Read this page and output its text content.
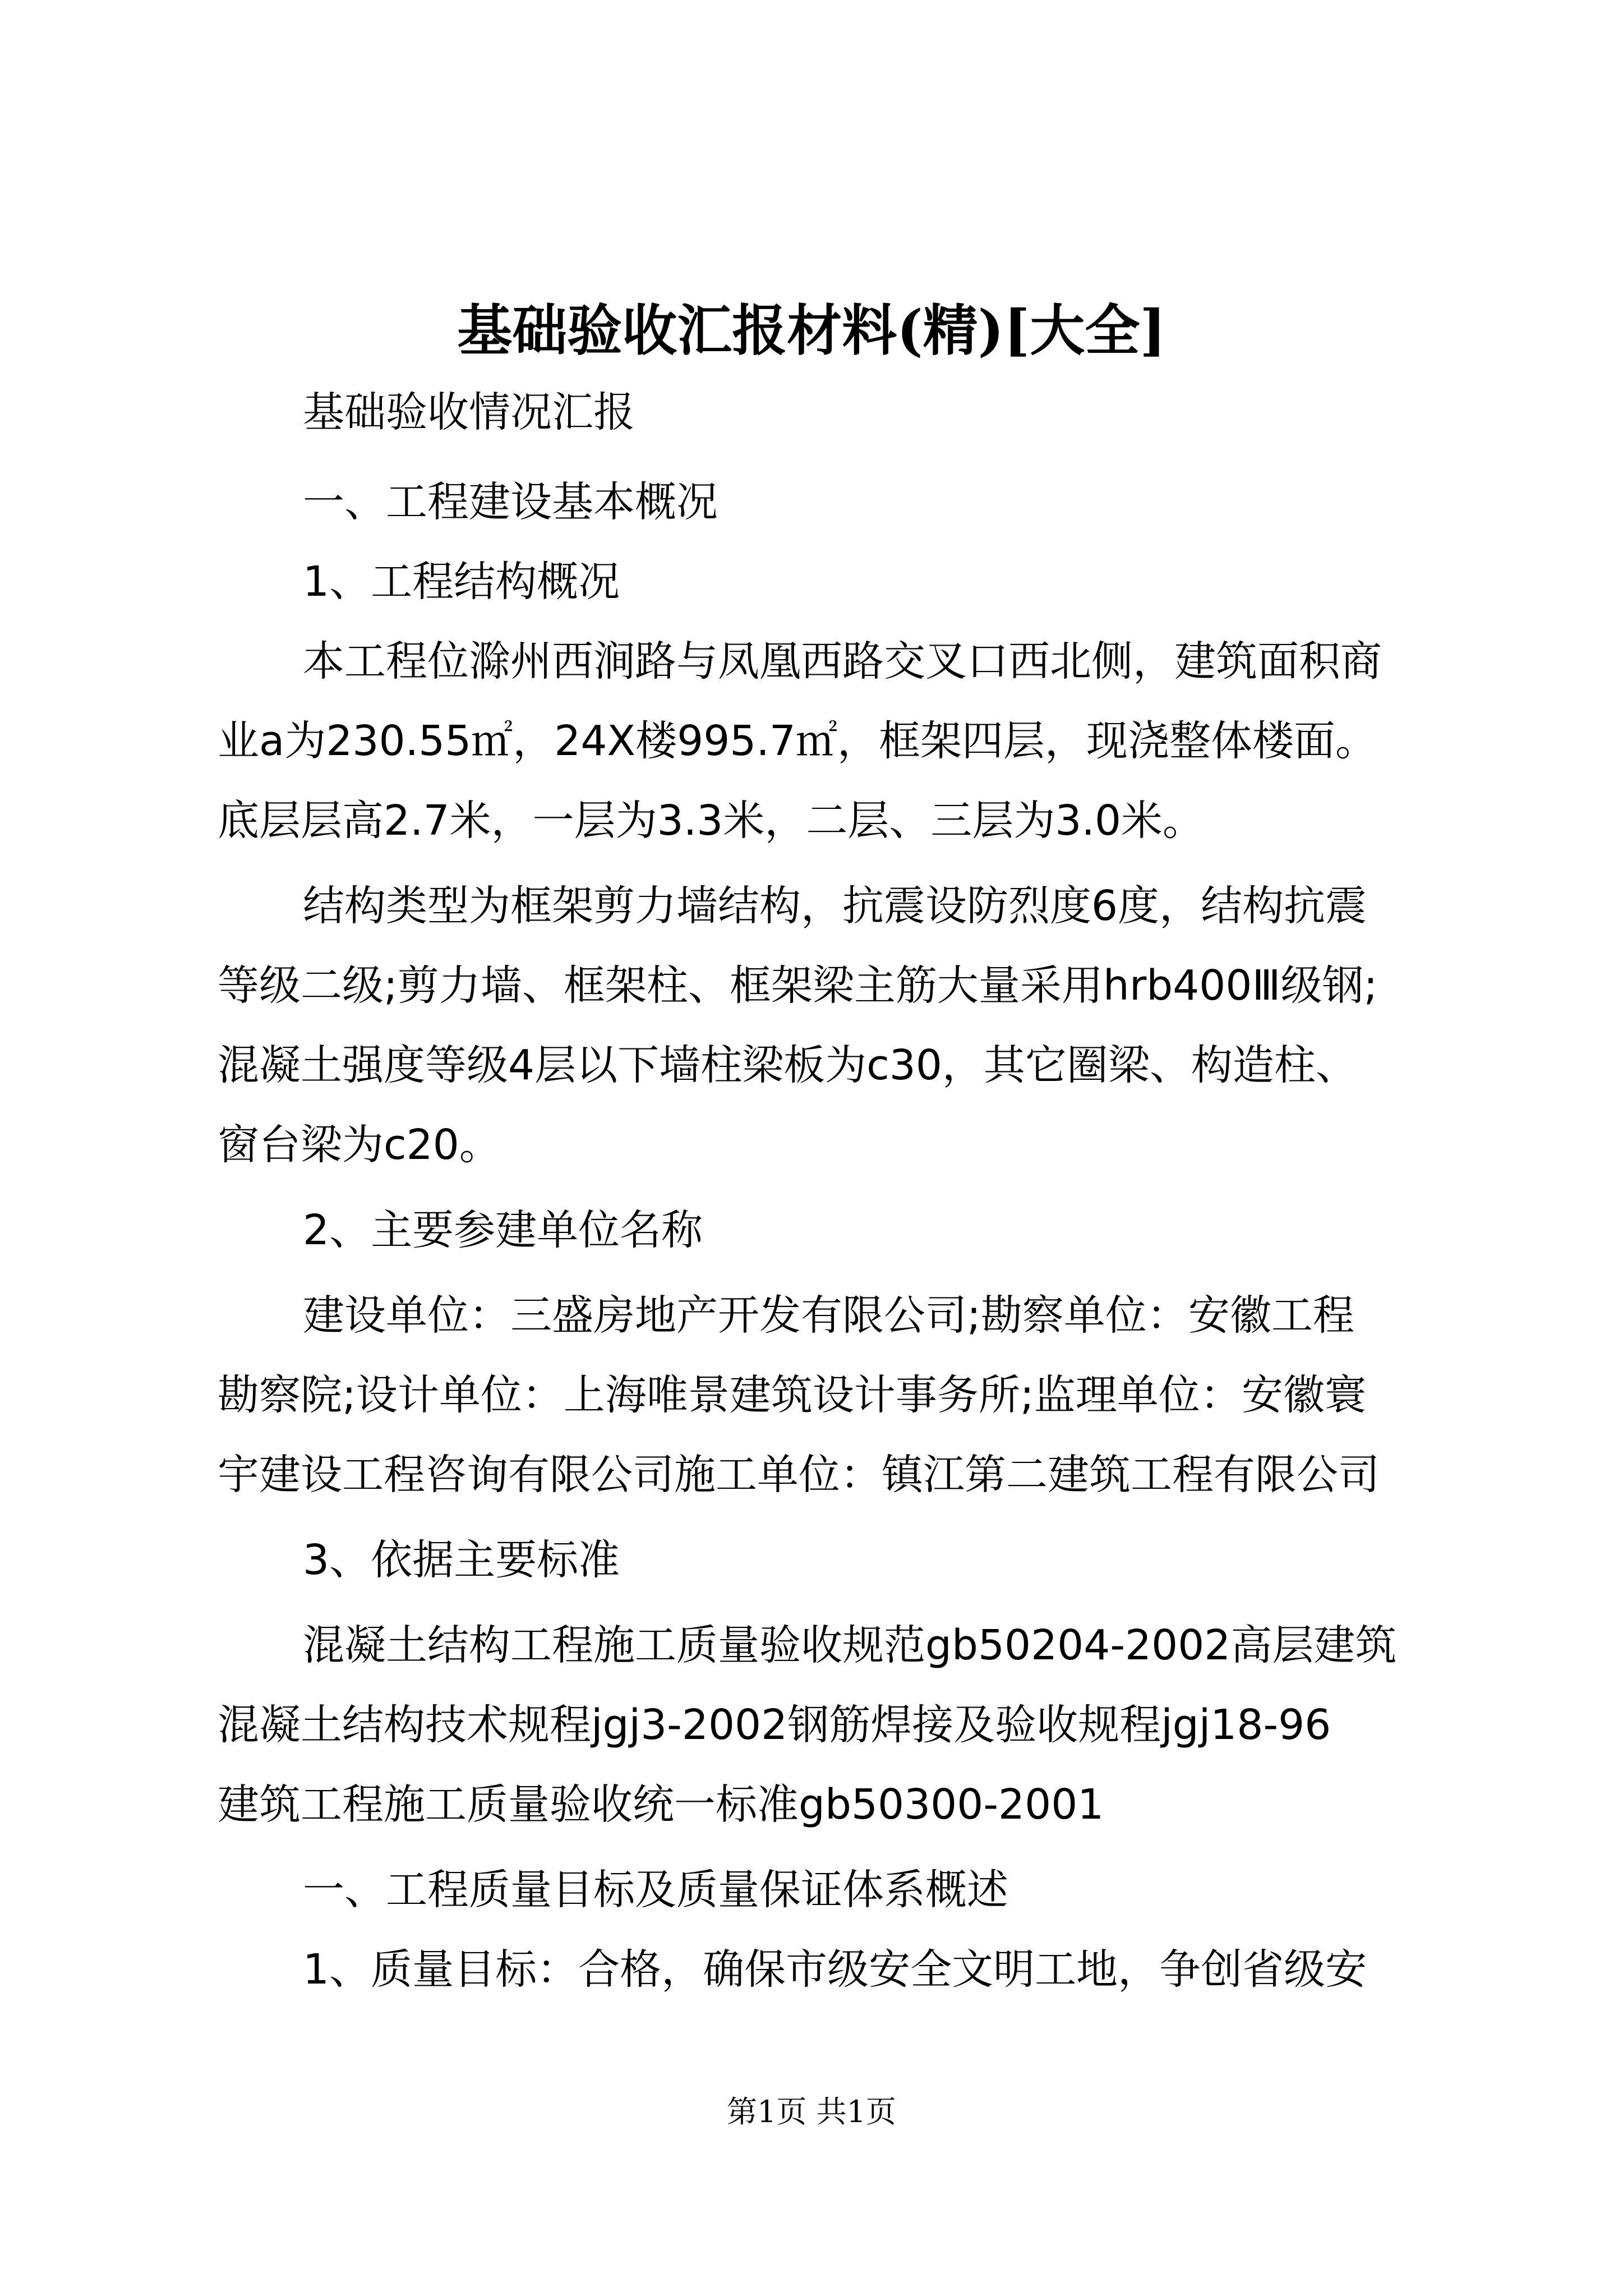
基础验收汇报材料(精)[大全]
基础验收情况汇报
一、工程建设基本概况
1、工程结构概况
本工程位滁州西涧路与凤凰西路交叉口西北侧，建筑面积商
业a为230.55㎡，24X楼995.7㎡，框架四层，现浇整体楼面。
底层层高2.7米，一层为3.3米，二层、三层为3.0米。
结构类型为框架剪力墙结构，抗震设防烈度6度，结构抗震
等级二级;剪力墙、框架柱、框架梁主筋大量采用hrb400Ⅲ级钢;
混凝土强度等级4层以下墙柱梁板为c30，其它圈梁、构造柱、
窗台梁为c20。
2、主要参建单位名称
建设单位：三盛房地产开发有限公司;勘察单位：安徽工程
勘察院;设计单位：上海唯景建筑设计事务所;监理单位：安徽寰
宇建设工程咨询有限公司施工单位：镇江第二建筑工程有限公司
3、依据主要标准
混凝土结构工程施工质量验收规范gb50204-2002高层建筑
混凝土结构技术规程jgj3-2002钢筋焊接及验收规程jgj18-96
建筑工程施工质量验收统一标准gb50300-2001
一、工程质量目标及质量保证体系概述
1、质量目标：合格，确保市级安全文明工地，争创省级安
第1页 共1页
